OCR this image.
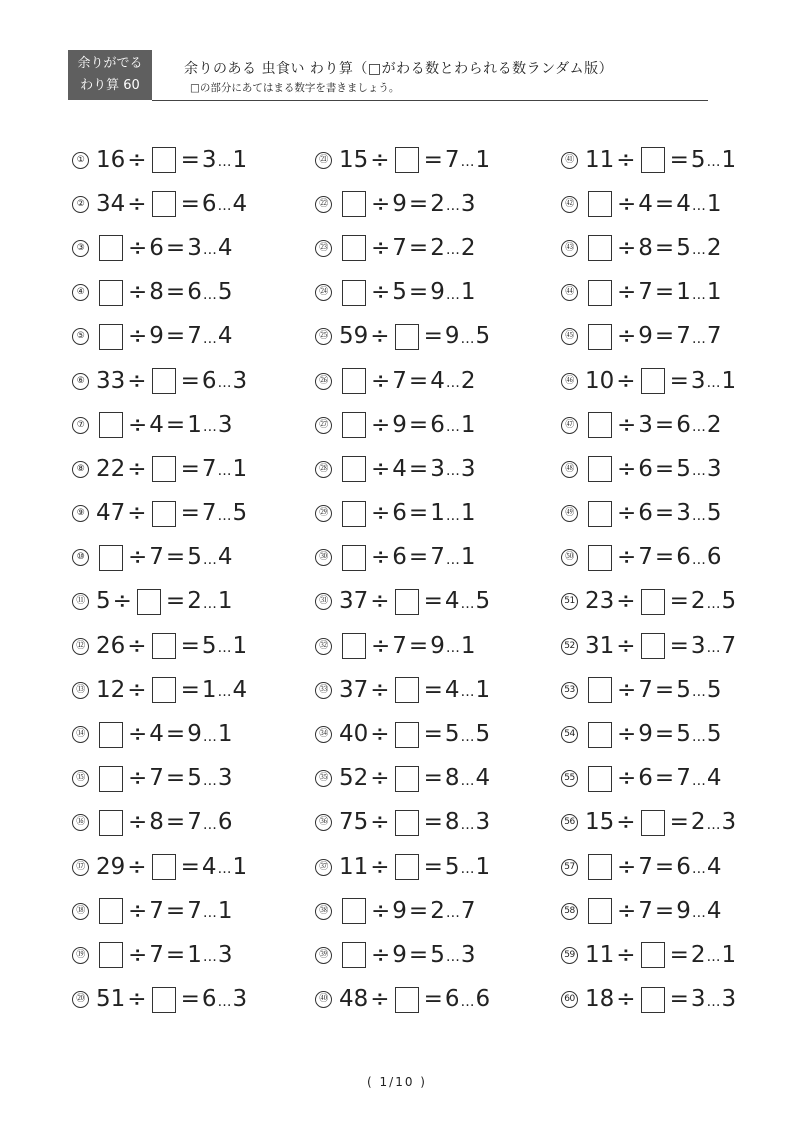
余りがでる
わり算 60
余りのある 虫食い わり算（□がわる数とわられる数ランダム版）
□の部分にあてはまる数字を書きましょう。
① 16 ÷ = 3 … 1
② 34 ÷ = 6 … 4
③ ÷ 6 = 3 … 4
④ ÷ 8 = 6 … 5
⑤ ÷ 9 = 7 … 4
⑥ 33 ÷ = 6 … 3
⑦ ÷ 4 = 1 … 3
⑧ 22 ÷ = 7 … 1
⑨ 47 ÷ = 7 … 5
⑩ ÷ 7 = 5 … 4
⑪ 5 ÷ = 2 … 1
⑫ 26 ÷ = 5 … 1
⑬ 12 ÷ = 1 … 4
⑭ ÷ 4 = 9 … 1
⑮ ÷ 7 = 5 … 3
⑯ ÷ 8 = 7 … 6
⑰ 29 ÷ = 4 … 1
⑱ ÷ 7 = 7 … 1
⑲ ÷ 7 = 1 … 3
⑳ 51 ÷ = 6 … 3
㉑ 15 ÷ = 7 … 1
㉒ ÷ 9 = 2 … 3
㉓ ÷ 7 = 2 … 2
㉔ ÷ 5 = 9 … 1
㉕ 59 ÷ = 9 … 5
㉖ ÷ 7 = 4 … 2
㉗ ÷ 9 = 6 … 1
㉘ ÷ 4 = 3 … 3
㉙ ÷ 6 = 1 … 1
㉚ ÷ 6 = 7 … 1
㉛ 37 ÷ = 4 … 5
㉜ ÷ 7 = 9 … 1
㉝ 37 ÷ = 4 … 1
㉞ 40 ÷ = 5 … 5
㉟ 52 ÷ = 8 … 4
㊱ 75 ÷ = 8 … 3
㊲ 11 ÷ = 5 … 1
㊳ ÷ 9 = 2 … 7
㊴ ÷ 9 = 5 … 3
㊵ 48 ÷ = 6 … 6
㊶ 11 ÷ = 5 … 1
㊷ ÷ 4 = 4 … 1
㊸ ÷ 8 = 5 … 2
㊹ ÷ 7 = 1 … 1
㊺ ÷ 9 = 7 … 7
㊻ 10 ÷ = 3 … 1
㊼ ÷ 3 = 6 … 2
㊽ ÷ 6 = 5 … 3
㊾ ÷ 6 = 3 … 5
㊿ ÷ 7 = 6 … 6
51 23 ÷ = 2 … 5
52 31 ÷ = 3 … 7
53 ÷ 7 = 5 … 5
54 ÷ 9 = 5 … 5
55 ÷ 6 = 7 … 4
56 15 ÷ = 2 … 3
57 ÷ 7 = 6 … 4
58 ÷ 7 = 9 … 4
59 11 ÷ = 2 … 1
60 18 ÷ = 3 … 3
( 1/10 )
